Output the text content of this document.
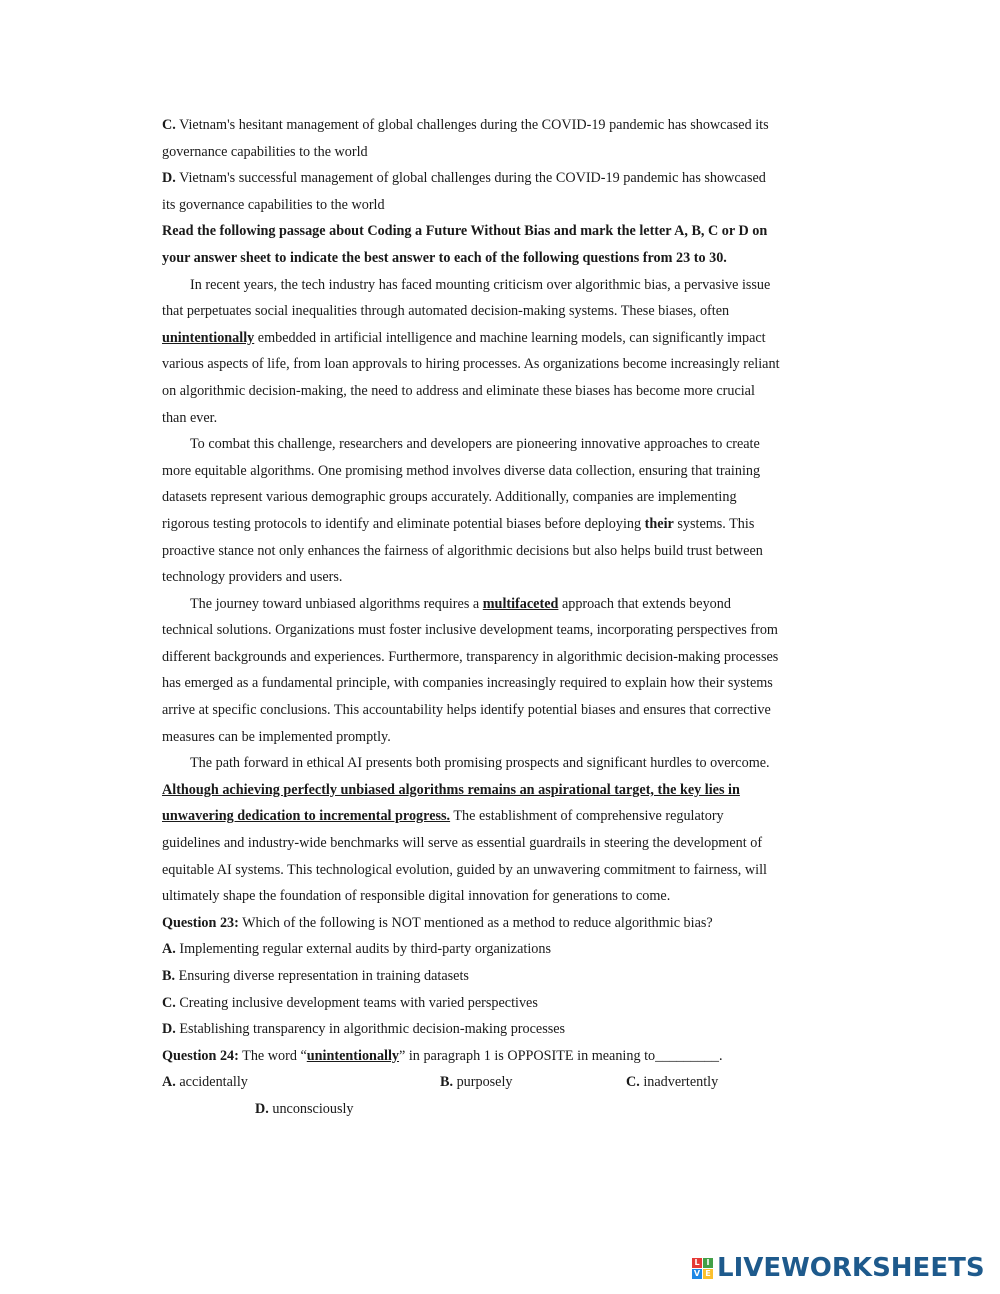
C. Vietnam's hesitant management of global challenges during the COVID-19 pandemic has showcased its
governance capabilities to the world
D. Vietnam's successful management of global challenges during the COVID-19 pandemic has showcased
its governance capabilities to the world
Read the following passage about Coding a Future Without Bias and mark the letter A, B, C or D on
your answer sheet to indicate the best answer to each of the following questions from 23 to 30.
In recent years, the tech industry has faced mounting criticism over algorithmic bias, a pervasive issue
that perpetuates social inequalities through automated decision-making systems. These biases, often
unintentionally embedded in artificial intelligence and machine learning models, can significantly impact
various aspects of life, from loan approvals to hiring processes. As organizations become increasingly reliant
on algorithmic decision-making, the need to address and eliminate these biases has become more crucial
than ever.
To combat this challenge, researchers and developers are pioneering innovative approaches to create
more equitable algorithms. One promising method involves diverse data collection, ensuring that training
datasets represent various demographic groups accurately. Additionally, companies are implementing
rigorous testing protocols to identify and eliminate potential biases before deploying their systems. This
proactive stance not only enhances the fairness of algorithmic decisions but also helps build trust between
technology providers and users.
The journey toward unbiased algorithms requires a multifaceted approach that extends beyond
technical solutions. Organizations must foster inclusive development teams, incorporating perspectives from
different backgrounds and experiences. Furthermore, transparency in algorithmic decision-making processes
has emerged as a fundamental principle, with companies increasingly required to explain how their systems
arrive at specific conclusions. This accountability helps identify potential biases and ensures that corrective
measures can be implemented promptly.
The path forward in ethical AI presents both promising prospects and significant hurdles to overcome.
Although achieving perfectly unbiased algorithms remains an aspirational target, the key lies in
unwavering dedication to incremental progress. The establishment of comprehensive regulatory
guidelines and industry-wide benchmarks will serve as essential guardrails in steering the development of
equitable AI systems. This technological evolution, guided by an unwavering commitment to fairness, will
ultimately shape the foundation of responsible digital innovation for generations to come.
Question 23: Which of the following is NOT mentioned as a method to reduce algorithmic bias?
A. Implementing regular external audits by third-party organizations
B. Ensuring diverse representation in training datasets
C. Creating inclusive development teams with varied perspectives
D. Establishing transparency in algorithmic decision-making processes
Question 24: The word “unintentionally” in paragraph 1 is OPPOSITE in meaning to_________.
A. accidentally	B. purposely	C. inadvertently
D. unconsciously
L I
V E LIVEWORKSHEETS
